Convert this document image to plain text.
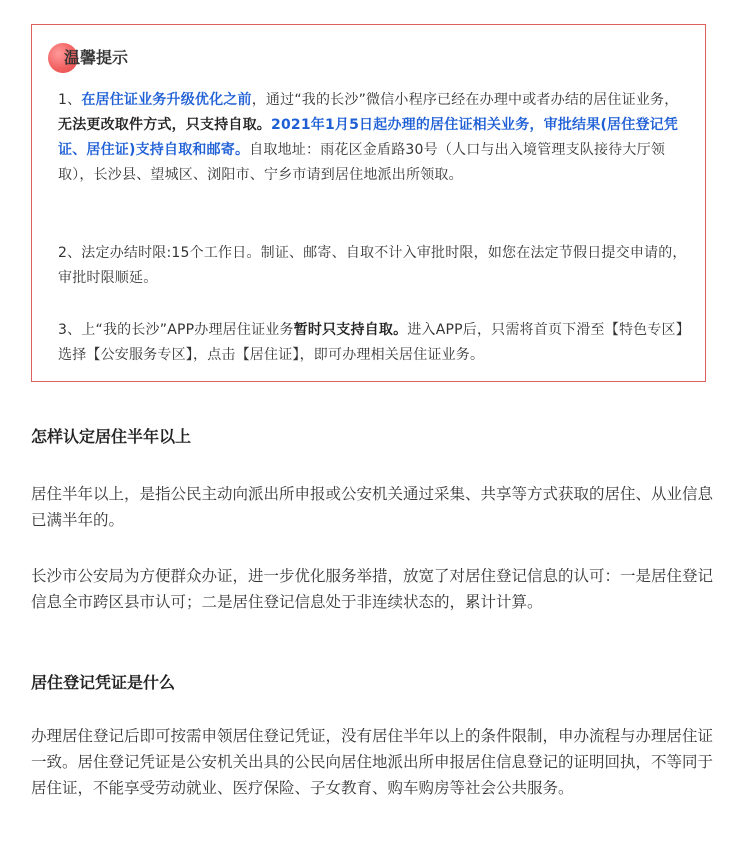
温馨提示

1、在居住证业务升级优化之前，通过“我的长沙”微信小程序已经在办理中或者办结的居住证业务，无法更改取件方式，只支持自取。2021年1月5日起办理的居住证相关业务，审批结果(居住登记凭证、居住证)支持自取和邮寄。自取地址：雨花区金盾路30号（人口与出入境管理支队接待大厅领取），长沙县、望城区、浏阳市、宁乡市请到居住地派出所领取。

2、法定办结时限:15个工作日。制证、邮寄、自取不计入审批时限，如您在法定节假日提交申请的，审批时限顺延。

3、上“我的长沙”APP办理居住证业务暂时只支持自取。进入APP后，只需将首页下滑至【特色专区】选择【公安服务专区】，点击【居住证】，即可办理相关居住证业务。

怎样认定居住半年以上

居住半年以上，是指公民主动向派出所申报或公安机关通过采集、共享等方式获取的居住、从业信息已满半年的。

长沙市公安局为方便群众办证，进一步优化服务举措，放宽了对居住登记信息的认可：一是居住登记信息全市跨区县市认可；二是居住登记信息处于非连续状态的，累计计算。

居住登记凭证是什么

办理居住登记后即可按需申领居住登记凭证，没有居住半年以上的条件限制，申办流程与办理居住证一致。居住登记凭证是公安机关出具的公民向居住地派出所申报居住信息登记的证明回执，不等同于居住证，不能享受劳动就业、医疗保险、子女教育、购车购房等社会公共服务。
